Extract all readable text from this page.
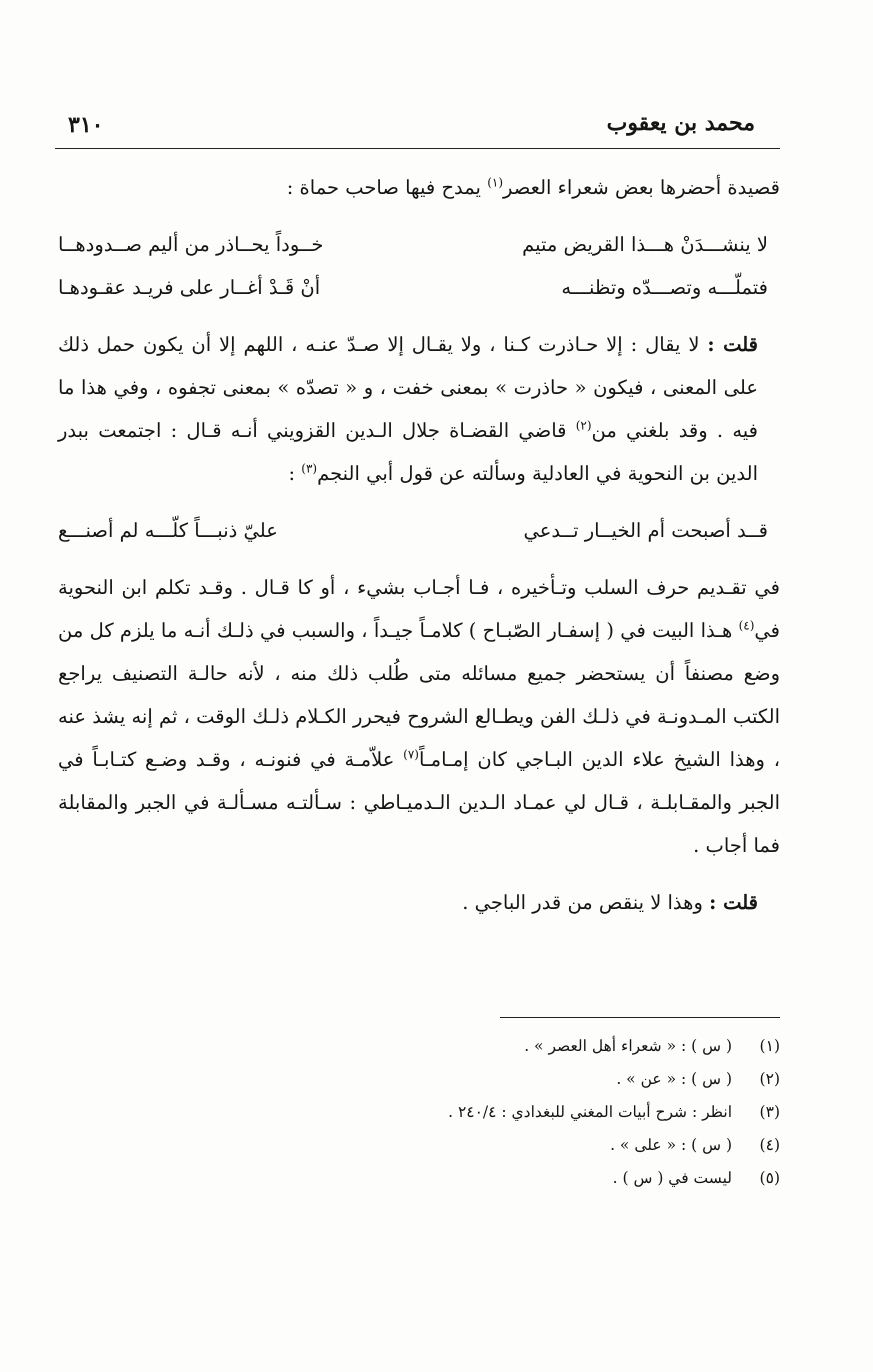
محمد بن يعقوب
٣١٠

قصيدة أحضرها بعض شعراء العصر$^{(١)}$ يمدح فيها صاحب حماة :

لا ينشـــدَنْ هـــذا القريض متيم
خــوداً يحــاذر من أليم صــدودهــا
فتملّـــه وتصـــدّه وتظنـــه
أنْ قَـدْ أغــار على فريـد عقـودهـا

قلت : لا يقال : إلا حـاذرت كـنا ، ولا يقـال إلا صـدّ عنـه ، اللهم إلا أن يكون حمل ذلك على المعنى ، فيكون « حاذرت » بمعنى خفت ، و « تصدّه » بمعنى تجفوه ، وفي هذا ما فيه . وقد بلغني من$^{(٢)}$ قاضي القضـاة جلال الـدين القزويني أنـه قـال : اجتمعت ببدر الدين بن النحوية في العادلية وسألته عن قول أبي النجم$^{(٣)}$ :

قــد أصبحت أم الخيــار تــدعي
عليّ ذنبـــاً كلّـــه لم أصنـــع

في تقـديم حرف السلب وتـأخيره ، فـا أجـاب بشيء ، أو كا قـال . وقـد تكلم ابن النحوية في$^{(٤)}$ هـذا البيت في ( إسفـار الصّبـاح ) كلامـاً جيـداً ، والسبب في ذلـك أنـه ما يلزم كل من وضع مصنفاً أن يستحضر جميع مسائله متى طُلب ذلك منه ، لأنه حالـة التصنيف يراجع الكتب المـدونـة في ذلـك الفن ويطـالع الشروح فيحرر الكـلام ذلـك الوقت ، ثم إنه يشذ عنه ، وهذا الشيخ علاء الدين البـاجي كان إمـامـاً$^{(٧)}$ علاّمـة في فنونـه ، وقـد وضـع كتـابـاً في الجبر والمقـابلـة ، قـال لي عمـاد الـدين الـدميـاطي : سـألتـه مسـألـة في الجبر والمقابلة فما أجاب .

قلت : وهذا لا ينقص من قدر الباجي .

(١)( س ) : « شعراء أهل العصر » .
(٢)( س ) : « عن » .
(٣)انظر : شرح أبيات المغني للبغدادي : ٢٤٠/٤ .
(٤)( س ) : « على » .
(٥)ليست في ( س ) .
